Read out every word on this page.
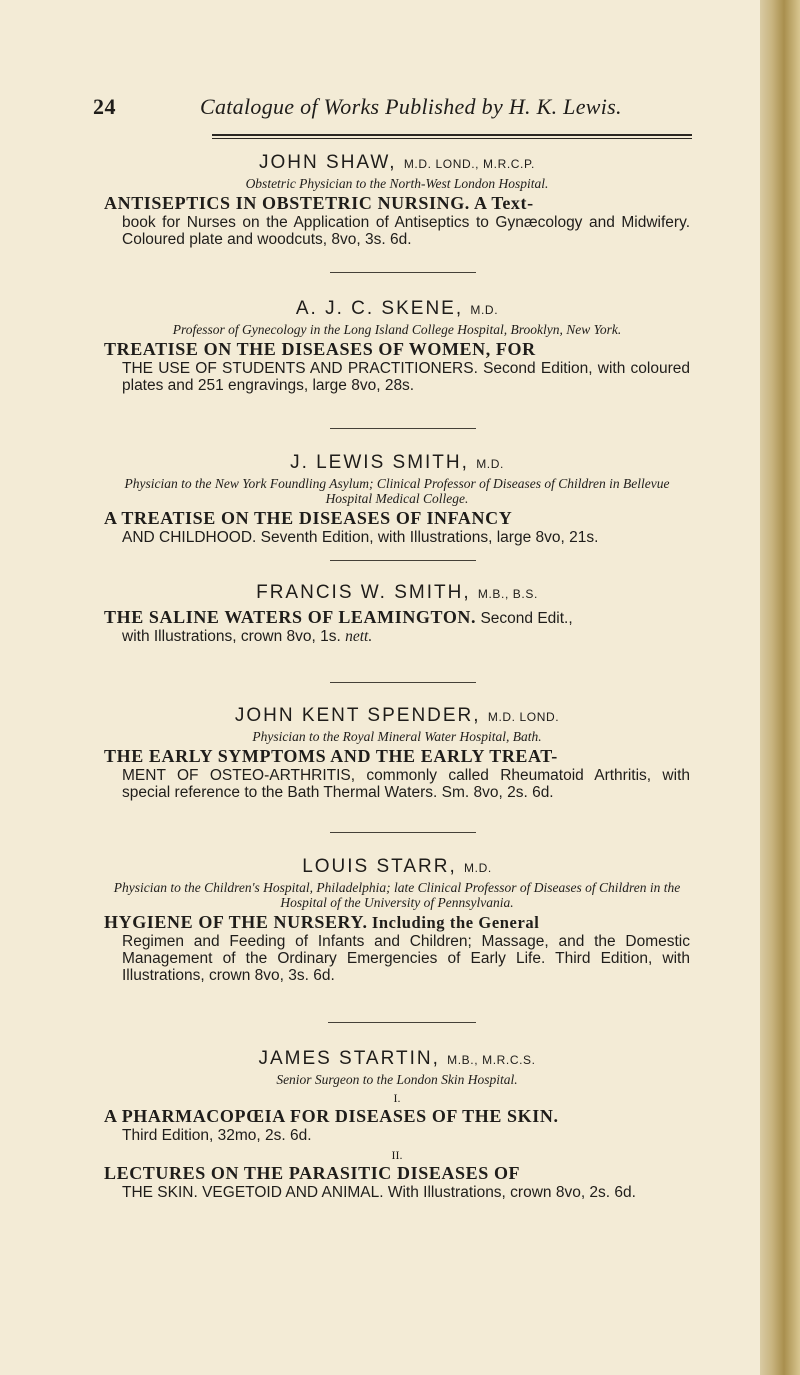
24	Catalogue of Works Published by H. K. Lewis.

JOHN SHAW, M.D. LOND., M.R.C.P.

Obstetric Physician to the North-West London Hospital.

ANTISEPTICS IN OBSTETRIC NURSING. A Text-
book for Nurses on the Application of Antiseptics to Gynæcology and Midwifery. Coloured plate and woodcuts, 8vo, 3s. 6d.

A. J. C. SKENE, M.D.

Professor of Gynecology in the Long Island College Hospital, Brooklyn, New York.

TREATISE ON THE DISEASES OF WOMEN, FOR
THE USE OF STUDENTS AND PRACTITIONERS. Second Edition, with coloured plates and 251 engravings, large 8vo, 28s.

J. LEWIS SMITH, M.D.

Physician to the New York Foundling Asylum; Clinical Professor of Diseases of Children in Bellevue Hospital Medical College.

A TREATISE ON THE DISEASES OF INFANCY
AND CHILDHOOD. Seventh Edition, with Illustrations, large 8vo, 21s.

FRANCIS W. SMITH, M.B., B.S.

THE SALINE WATERS OF LEAMINGTON. Second Edit.,
with Illustrations, crown 8vo, 1s. nett.

JOHN KENT SPENDER, M.D. LOND.

Physician to the Royal Mineral Water Hospital, Bath.

THE EARLY SYMPTOMS AND THE EARLY TREAT-
MENT OF OSTEO-ARTHRITIS, commonly called Rheumatoid Arthritis, with special reference to the Bath Thermal Waters. Sm. 8vo, 2s. 6d.

LOUIS STARR, M.D.

Physician to the Children's Hospital, Philadelphia; late Clinical Professor of Diseases of Children in the Hospital of the University of Pennsylvania.

HYGIENE OF THE NURSERY. Including the General
Regimen and Feeding of Infants and Children; Massage, and the Domestic Management of the Ordinary Emergencies of Early Life. Third Edition, with Illustrations, crown 8vo, 3s. 6d.

JAMES STARTIN, M.B., M.R.C.S.

Senior Surgeon to the London Skin Hospital.

I.

A PHARMACOPŒIA FOR DISEASES OF THE SKIN.
Third Edition, 32mo, 2s. 6d.

II.

LECTURES ON THE PARASITIC DISEASES OF
THE SKIN. VEGETOID AND ANIMAL. With Illustrations, crown 8vo, 2s. 6d.
